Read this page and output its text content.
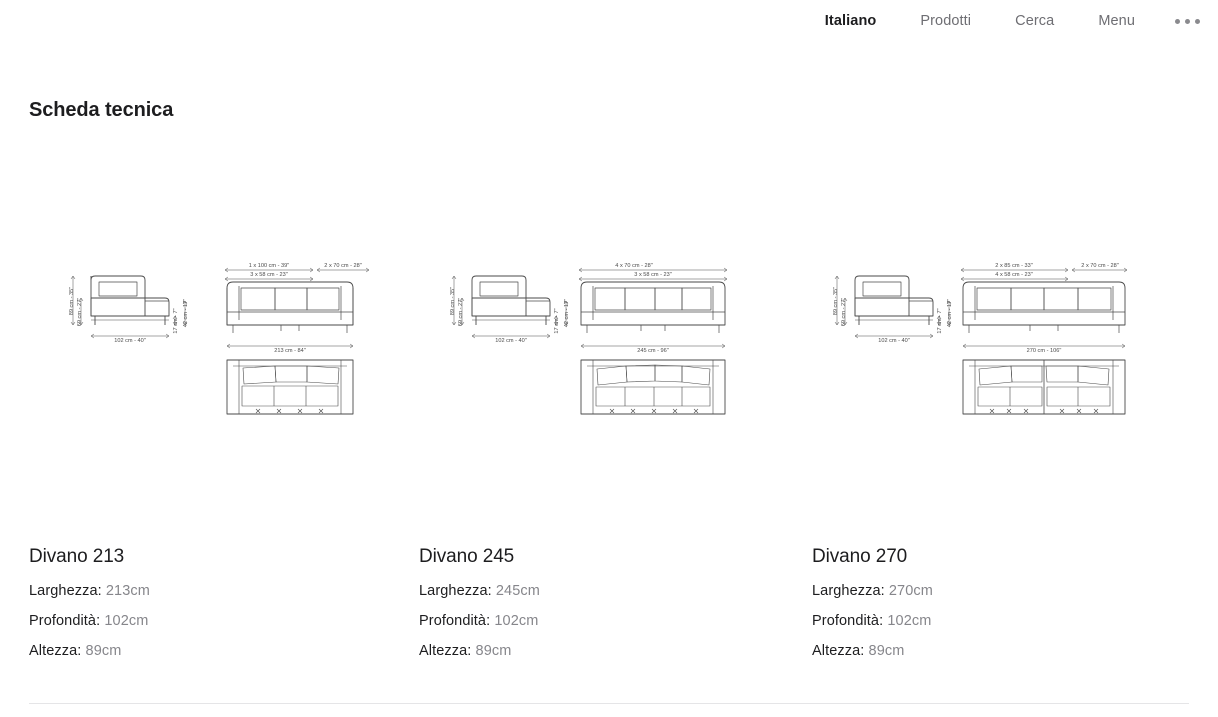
Italiano	Prodotti	Cerca	Menu
Scheda tecnica
89 cm - 35" 69 cm - 27"	17 cm - 7" 42 cm - 17"
102 cm - 40"
1 x 100 cm - 39"	2 x 70 cm - 28"
3 x 58 cm - 23"
213 cm - 84"
89 cm - 35" 69 cm - 27"	17 cm - 7" 42 cm - 17"
102 cm - 40"
4 x 70 cm - 28"
3 x 58 cm - 23"
245 cm - 96"
89 cm - 35" 69 cm - 27"	17 cm - 7" 42 cm - 17"
102 cm - 40"
2 x 85 cm - 33"	2 x 70 cm - 28"
4 x 58 cm - 23"
270 cm - 106"
Divano 213
Larghezza: 213cm
Profondità: 102cm
Altezza: 89cm
Divano 245
Larghezza: 245cm
Profondità: 102cm
Altezza: 89cm
Divano 270
Larghezza: 270cm
Profondità: 102cm
Altezza: 89cm
